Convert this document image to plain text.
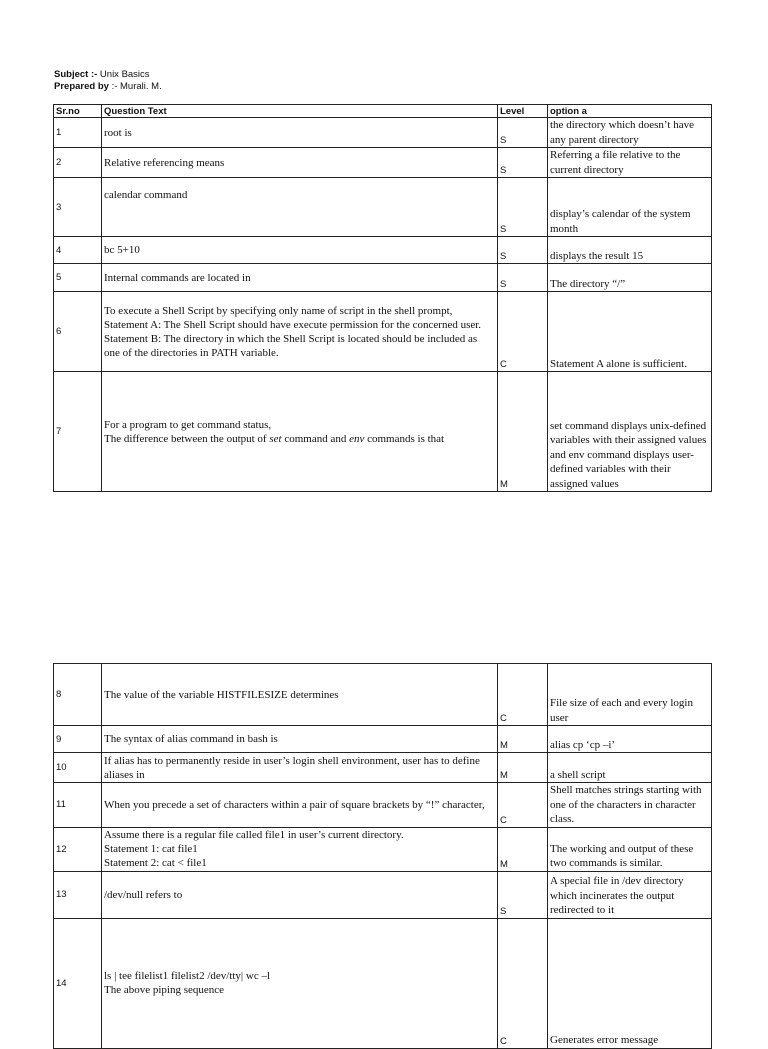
Subject :- Unix Basics
Prepared by :- Murali. M.
Sr.no	Question Text	Level	option a
1	root is	S	the directory which doesn’t have any parent directory
2	Relative referencing means	S	Referring a file relative to the current directory
3	calendar command	S	display’s calendar of the system month
4	bc 5+10	S	displays the result 15
5	Internal commands are located in	S	The directory “/”
6	To execute a Shell Script by specifying only name of script in the shell prompt,
Statement A: The Shell Script should have execute permission for the concerned user.
Statement B: The directory in which the Shell Script is located should be included as one of the directories in PATH variable.	C	Statement A alone is sufficient.
7	For a program to get command status,
The difference between the output of set command and env commands is that	M	set command displays unix-defined variables with their assigned values and env command displays user-defined variables with their assigned values
8	The value of the variable HISTFILESIZE determines	C	File size of each and every login user
9	The syntax of alias command in bash is	M	alias cp ‘cp –i’
10	If alias has to permanently reside in user’s login shell environment, user has to define aliases in	M	a shell script
11	When you precede a set of characters within a pair of square brackets by “!” character,	C	Shell matches strings starting with one of the characters in character class.
12	Assume there is a regular file called file1 in user’s current directory.
Statement 1: cat file1
Statement 2: cat < file1	M	The working and output of these two commands is similar.
13	/dev/null refers to	S	A special file in /dev directory which incinerates the output redirected to it
14	ls | tee filelist1 filelist2 /dev/tty| wc –l
The above piping sequence	C	Generates error message
